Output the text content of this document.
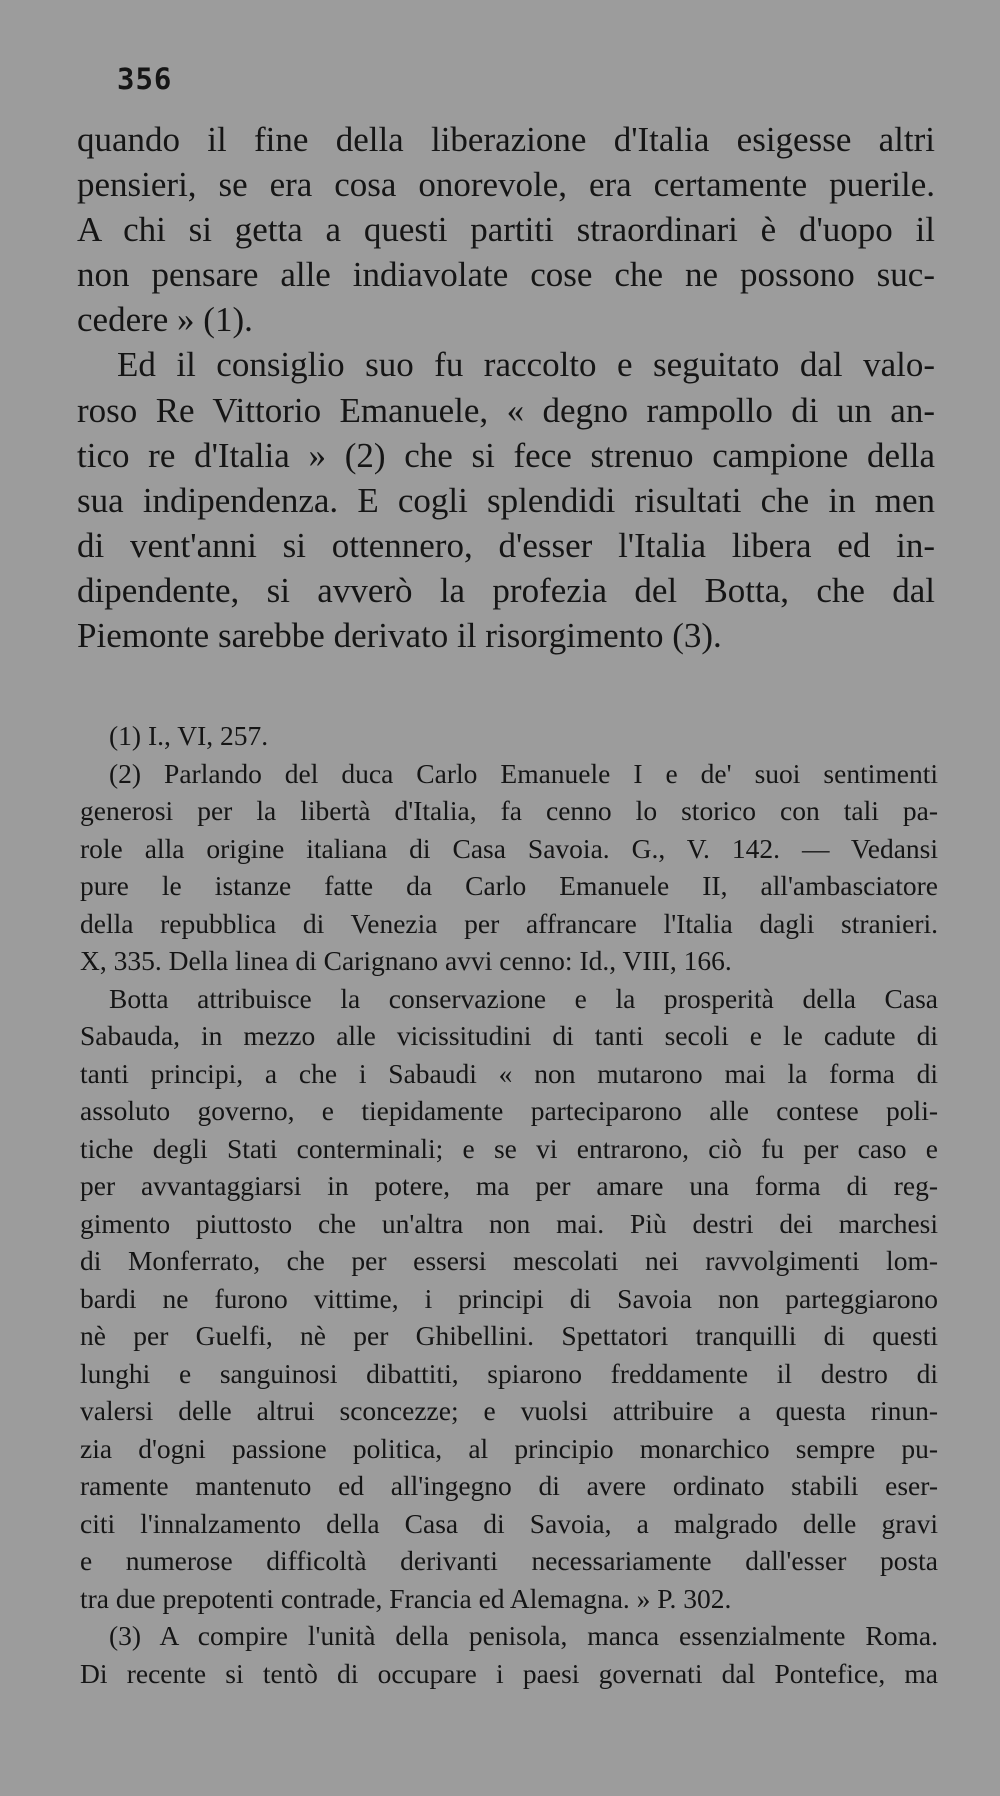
356
quando il fine della liberazione d'Italia esigesse altri
pensieri, se era cosa onorevole, era certamente puerile.
A chi si getta a questi partiti straordinari è d'uopo il
non pensare alle indiavolate cose che ne possono suc-
cedere » (1).
Ed il consiglio suo fu raccolto e seguitato dal valo-
roso Re Vittorio Emanuele, « degno rampollo di un an-
tico re d'Italia » (2) che si fece strenuo campione della
sua indipendenza. E cogli splendidi risultati che in men
di vent'anni si ottennero, d'esser l'Italia libera ed in-
dipendente, si avverò la profezia del Botta, che dal
Piemonte sarebbe derivato il risorgimento (3).
(1) I., VI, 257.
(2) Parlando del duca Carlo Emanuele I e de' suoi sentimenti
generosi per la libertà d'Italia, fa cenno lo storico con tali pa-
role alla origine italiana di Casa Savoia. G., V. 142. — Vedansi
pure le istanze fatte da Carlo Emanuele II, all'ambasciatore
della repubblica di Venezia per affrancare l'Italia dagli stranieri.
X, 335. Della linea di Carignano avvi cenno: Id., VIII, 166.
Botta attribuisce la conservazione e la prosperità della Casa
Sabauda, in mezzo alle vicissitudini di tanti secoli e le cadute di
tanti principi, a che i Sabaudi « non mutarono mai la forma di
assoluto governo, e tiepidamente parteciparono alle contese poli-
tiche degli Stati conterminali; e se vi entrarono, ciò fu per caso e
per avvantaggiarsi in potere, ma per amare una forma di reg-
gimento piuttosto che un'altra non mai. Più destri dei marchesi
di Monferrato, che per essersi mescolati nei ravvolgimenti lom-
bardi ne furono vittime, i principi di Savoia non parteggiarono
nè per Guelfi, nè per Ghibellini. Spettatori tranquilli di questi
lunghi e sanguinosi dibattiti, spiarono freddamente il destro di
valersi delle altrui sconcezze; e vuolsi attribuire a questa rinun-
zia d'ogni passione politica, al principio monarchico sempre pu-
ramente mantenuto ed all'ingegno di avere ordinato stabili eser-
citi l'innalzamento della Casa di Savoia, a malgrado delle gravi
e numerose difficoltà derivanti necessariamente dall'esser posta
tra due prepotenti contrade, Francia ed Alemagna. » P. 302.
(3) A compire l'unità della penisola, manca essenzialmente Roma.
Di recente si tentò di occupare i paesi governati dal Pontefice, ma
